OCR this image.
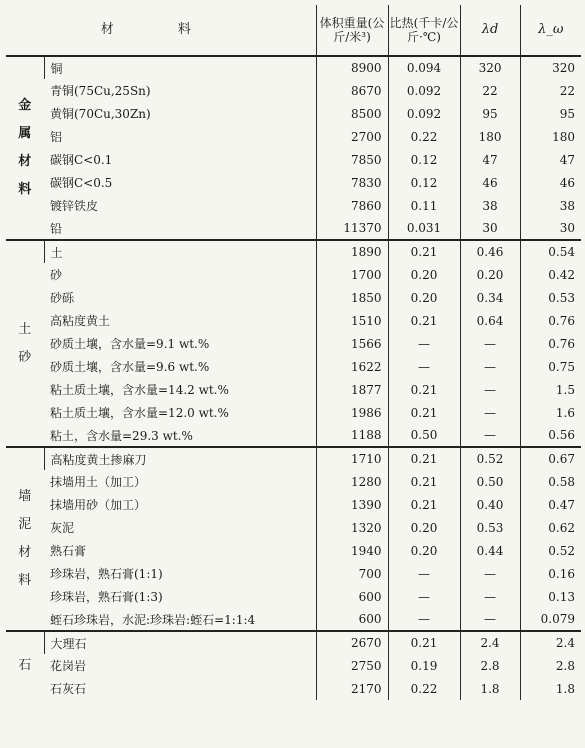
材 料		体积重量(公斤/米³)	比热(千卡/公斤·℃)	λd	λ_ω
金属材料	铜	8900	0.094	320	320
	青铜(75Cu,25Sn)	8670	0.092	22	22
	黄铜(70Cu,30Zn)	8500	0.092	95	95
	铝	2700	0.22	180	180
	碳钢C<0.1	7850	0.12	47	47
	碳钢C<0.5	7830	0.12	46	46
	镀锌铁皮	7860	0.11	38	38
	铅	11370	0.031	30	30
土砂	土	1890	0.21	0.46	0.54
	砂	1700	0.20	0.20	0.42
	砂砾	1850	0.20	0.34	0.53
	高粘度黄土	1510	0.21	0.64	0.76
	砂质土壤，含水量=9.1 wt.%	1566	—	—	0.76
	砂质土壤，含水量=9.6 wt.%	1622	—	—	0.75
	粘土质土壤，含水量=14.2 wt.%	1877	0.21	—	1.5
	粘土质土壤，含水量=12.0 wt.%	1986	0.21	—	1.6
	粘土，含水量=29.3 wt.%	1188	0.50	—	0.56
墙泥材料	高粘度黄土掺麻刀	1710	0.21	0.52	0.67
	抹墙用土（加工）	1280	0.21	0.50	0.58
	抹墙用砂（加工）	1390	0.21	0.40	0.47
	灰泥	1320	0.20	0.53	0.62
	熟石膏	1940	0.20	0.44	0.52
	珍珠岩，熟石膏(1:1)	700	—	—	0.16
	珍珠岩，熟石膏(1:3)	600	—	—	0.13
	蛭石珍珠岩，水泥:珍珠岩:蛭石=1:1:4	600	—	—	0.079
石	大理石	2670	0.21	2.4	2.4
	花岗岩	2750	0.19	2.8	2.8
	石灰石	2170	0.22	1.8	1.8
